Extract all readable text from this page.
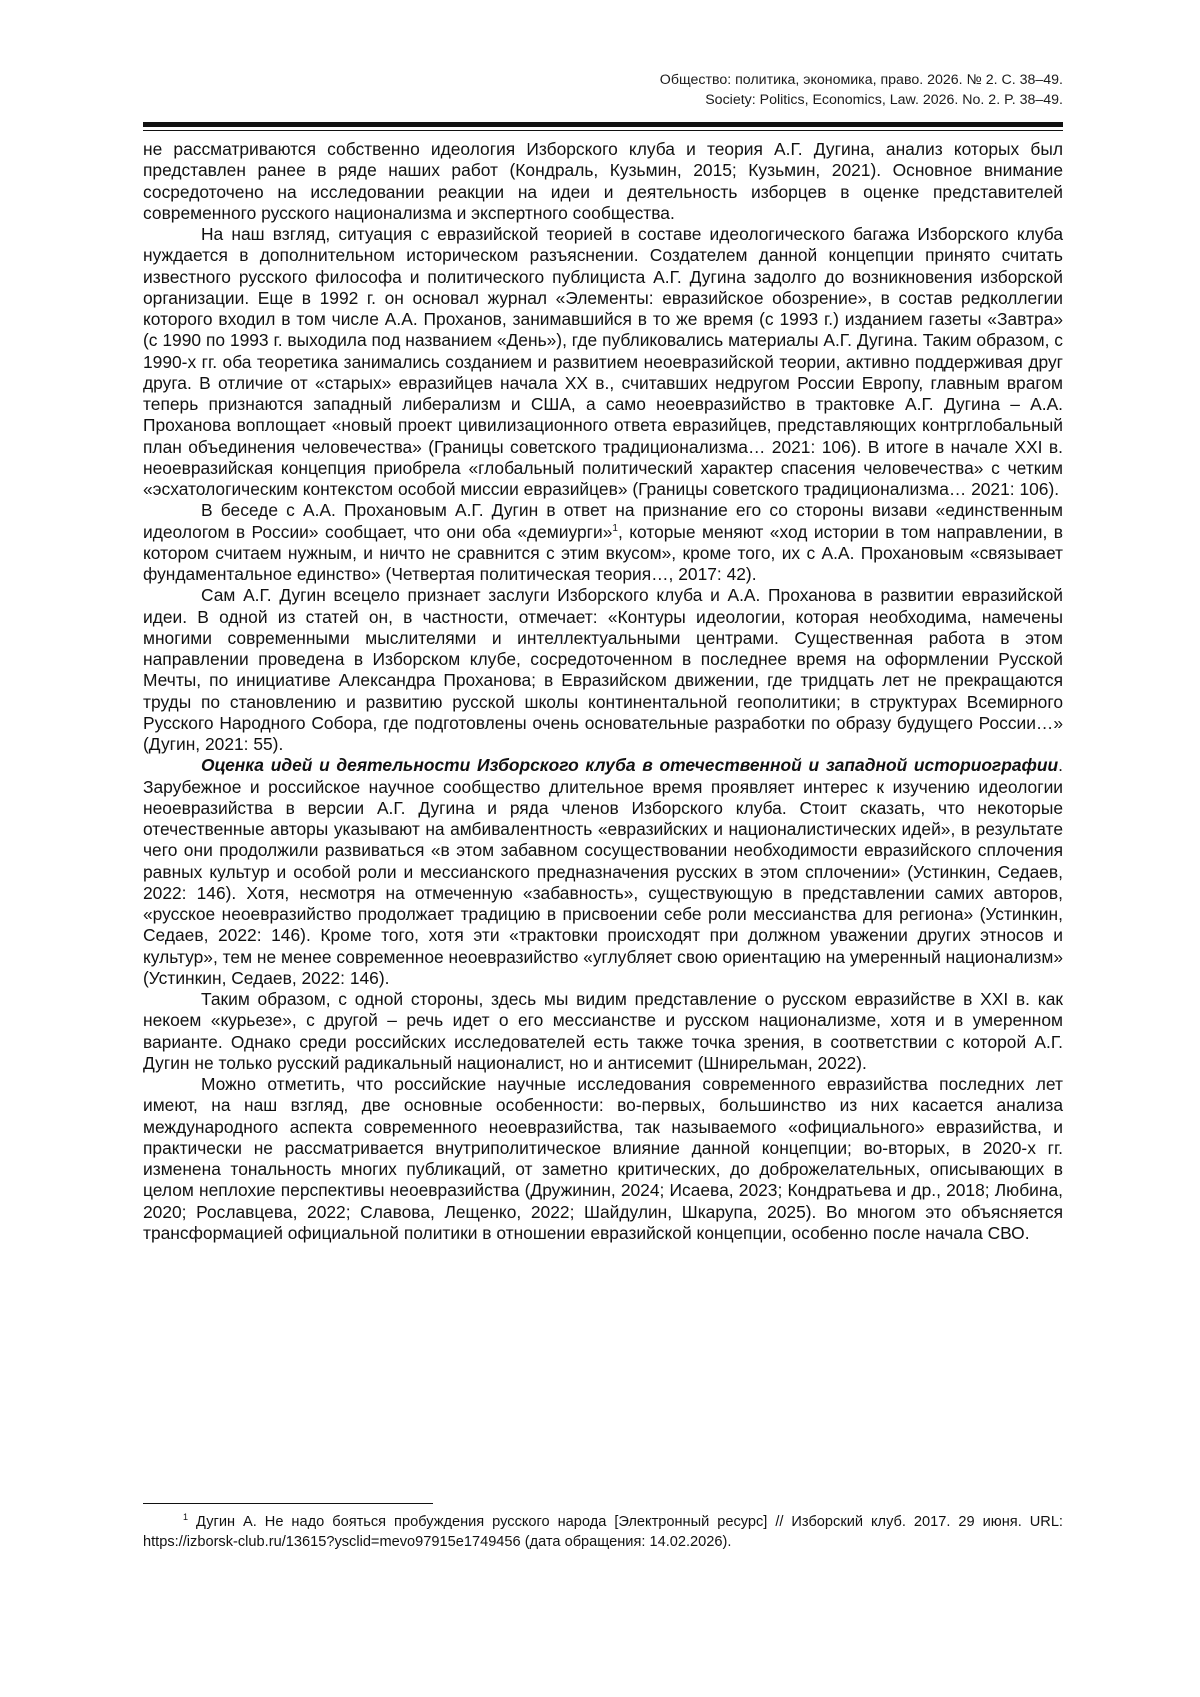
Общество: политика, экономика, право. 2026. № 2. С. 38–49.
Society: Politics, Economics, Law. 2026. No. 2. P. 38–49.

не рассматриваются собственно идеология Изборского клуба и теория А.Г. Дугина, анализ которых был представлен ранее в ряде наших работ (Кондраль, Кузьмин, 2015; Кузьмин, 2021). Основное внимание сосредоточено на исследовании реакции на идеи и деятельность изборцев в оценке представителей современного русского национализма и экспертного сообщества.

На наш взгляд, ситуация с евразийской теорией в составе идеологического багажа Изборского клуба нуждается в дополнительном историческом разъяснении. Создателем данной концепции принято считать известного русского философа и политического публициста А.Г. Дугина задолго до возникновения изборской организации. Еще в 1992 г. он основал журнал «Элементы: евразийское обозрение», в состав редколлегии которого входил в том числе А.А. Проханов, занимавшийся в то же время (с 1993 г.) изданием газеты «Завтра» (с 1990 по 1993 г. выходила под названием «День»), где публиковались материалы А.Г. Дугина. Таким образом, с 1990-х гг. оба теоретика занимались созданием и развитием неоевразийской теории, активно поддерживая друг друга. В отличие от «старых» евразийцев начала XX в., считавших недругом России Европу, главным врагом теперь признаются западный либерализм и США, а само неоевразийство в трактовке А.Г. Дугина – А.А. Проханова воплощает «новый проект цивилизационного ответа евразийцев, представляющих контрглобальный план объединения человечества» (Границы советского традиционализма… 2021: 106). В итоге в начале XXI в. неоевразийская концепция приобрела «глобальный политический характер спасения человечества» с четким «эсхатологическим контекстом особой миссии евразийцев» (Границы советского традиционализма… 2021: 106).

В беседе с А.А. Прохановым А.Г. Дугин в ответ на признание его со стороны визави «единственным идеологом в России» сообщает, что они оба «демиурги»$^1$, которые меняют «ход истории в том направлении, в котором считаем нужным, и ничто не сравнится с этим вкусом», кроме того, их с А.А. Прохановым «связывает фундаментальное единство» (Четвертая политическая теория…, 2017: 42).

Сам А.Г. Дугин всецело признает заслуги Изборского клуба и А.А. Проханова в развитии евразийской идеи. В одной из статей он, в частности, отмечает: «Контуры идеологии, которая необходима, намечены многими современными мыслителями и интеллектуальными центрами. Существенная работа в этом направлении проведена в Изборском клубе, сосредоточенном в последнее время на оформлении Русской Мечты, по инициативе Александра Проханова; в Евразийском движении, где тридцать лет не прекращаются труды по становлению и развитию русской школы континентальной геополитики; в структурах Всемирного Русского Народного Собора, где подготовлены очень основательные разработки по образу будущего России…» (Дугин, 2021: 55).

Оценка идей и деятельности Изборского клуба в отечественной и западной историографии. Зарубежное и российское научное сообщество длительное время проявляет интерес к изучению идеологии неоевразийства в версии А.Г. Дугина и ряда членов Изборского клуба. Стоит сказать, что некоторые отечественные авторы указывают на амбивалентность «евразийских и националистических идей», в результате чего они продолжили развиваться «в этом забавном сосуществовании необходимости евразийского сплочения равных культур и особой роли и мессианского предназначения русских в этом сплочении» (Устинкин, Седаев, 2022: 146). Хотя, несмотря на отмеченную «забавность», существующую в представлении самих авторов, «русское неоевразийство продолжает традицию в присвоении себе роли мессианства для региона» (Устинкин, Седаев, 2022: 146). Кроме того, хотя эти «трактовки происходят при должном уважении других этносов и культур», тем не менее современное неоевразийство «углубляет свою ориентацию на умеренный национализм» (Устинкин, Седаев, 2022: 146).

Таким образом, с одной стороны, здесь мы видим представление о русском евразийстве в XXI в. как некоем «курьезе», с другой – речь идет о его мессианстве и русском национализме, хотя и в умеренном варианте. Однако среди российских исследователей есть также точка зрения, в соответствии с которой А.Г. Дугин не только русский радикальный националист, но и антисемит (Шнирельман, 2022).

Можно отметить, что российские научные исследования современного евразийства последних лет имеют, на наш взгляд, две основные особенности: во-первых, большинство из них касается анализа международного аспекта современного неоевразийства, так называемого «официального» евразийства, и практически не рассматривается внутриполитическое влияние данной концепции; во-вторых, в 2020-х гг. изменена тональность многих публикаций, от заметно критических, до доброжелательных, описывающих в целом неплохие перспективы неоевразийства (Дружинин, 2024; Исаева, 2023; Кондратьева и др., 2018; Любина, 2020; Рославцева, 2022; Славова, Лещенко, 2022; Шайдулин, Шкарупа, 2025). Во многом это объясняется трансформацией официальной политики в отношении евразийской концепции, особенно после начала СВО.

$^1$ Дугин А. Не надо бояться пробуждения русского народа [Электронный ресурс] // Изборский клуб. 2017. 29 июня. URL: https://izborsk-club.ru/13615?ysclid=mevo97915e1749456 (дата обращения: 14.02.2026).
